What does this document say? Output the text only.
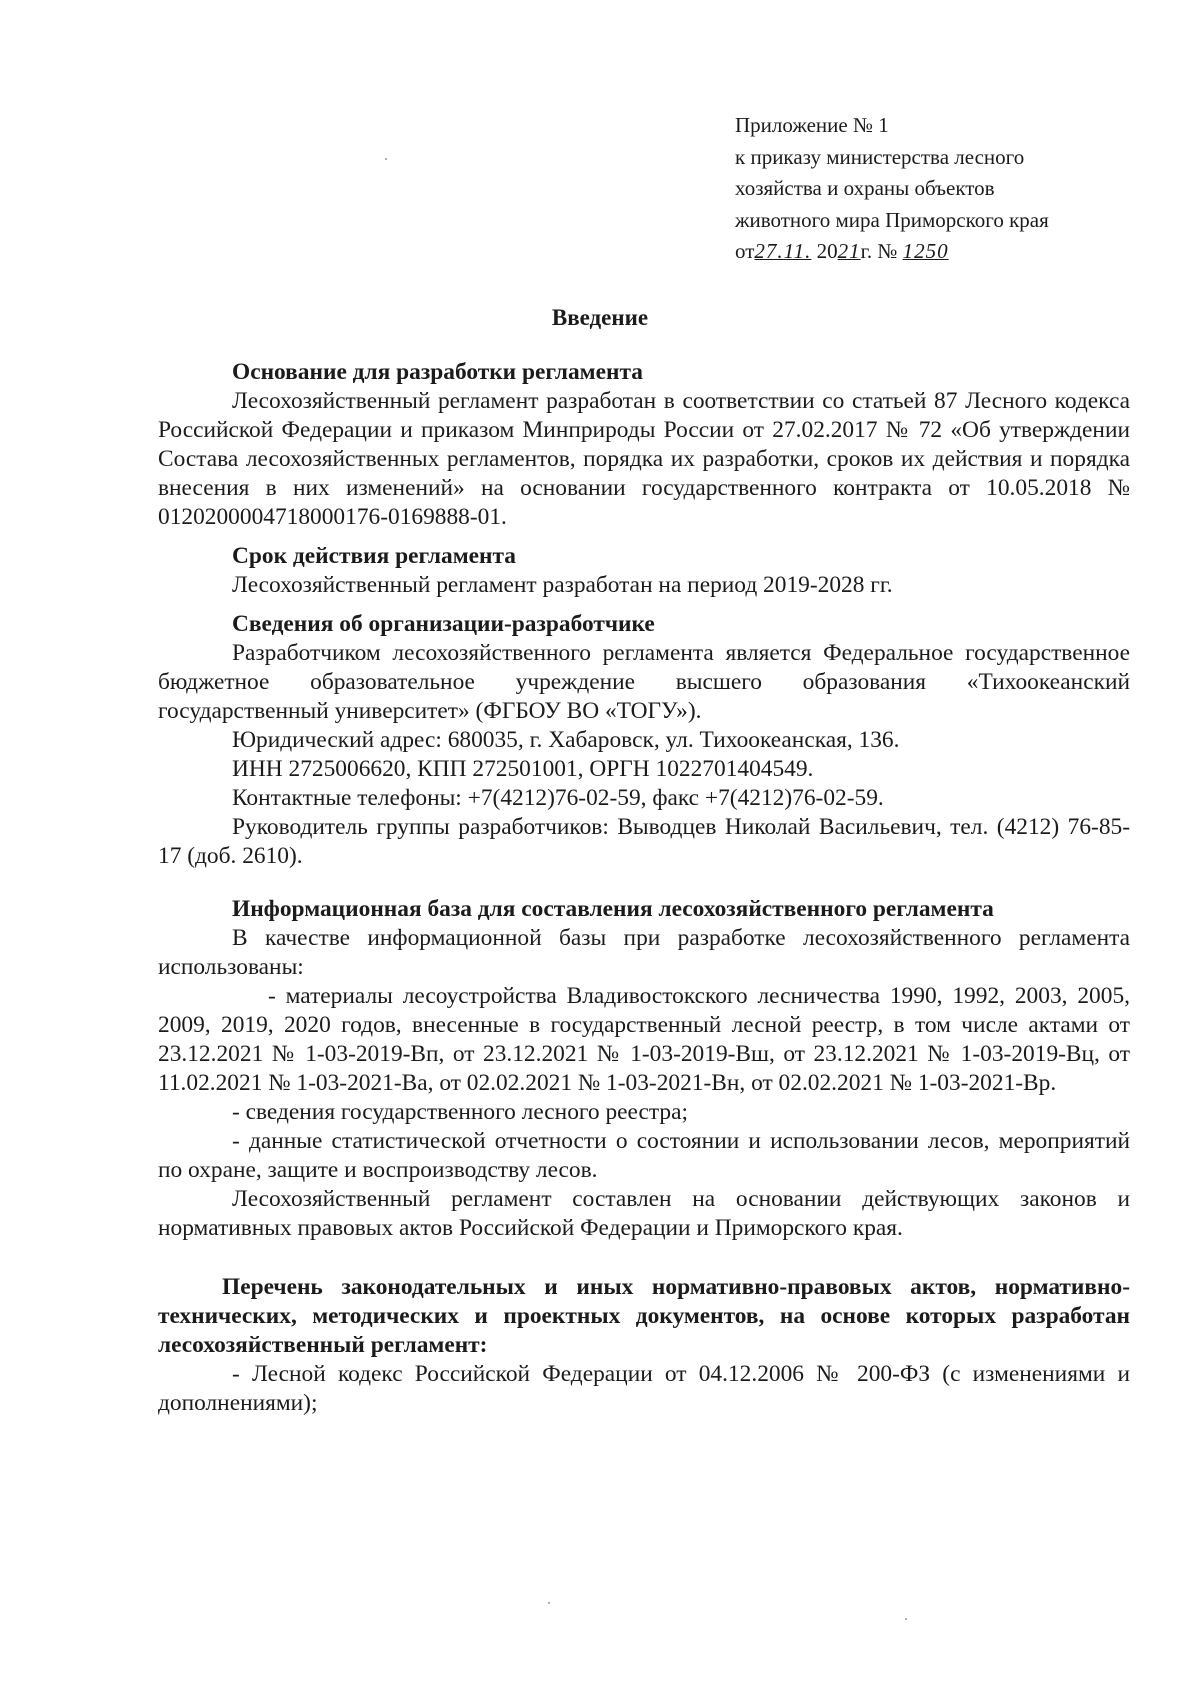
Приложение № 1
к приказу министерства лесного
хозяйства и охраны объектов
животного мира Приморского края
от27.11. 2021г. № 1250
Введение
Основание для разработки регламента

Лесохозяйственный регламент разработан в соответствии со статьей 87 Лесного кодекса Российской Федерации и приказом Минприроды России от 27.02.2017 № 72 «Об утверждении Состава лесохозяйственных регламентов, порядка их разработки, сроков их действия и порядка внесения в них изменений» на основании государственного контракта от 10.05.2018 № 0120200004718000176-0169888-01.

Срок действия регламента
Лесохозяйственный регламент разработан на период 2019-2028 гг.
Сведения об организации-разработчике

Разработчиком лесохозяйственного регламента является Федеральное государственное бюджетное образовательное учреждение высшего образования «Тихоокеанский государственный университет» (ФГБОУ ВО «ТОГУ»).

Юридический адрес: 680035, г. Хабаровск, ул. Тихоокеанская, 136.
ИНН 2725006620, КПП 272501001, ОРГН 1022701404549.
Контактные телефоны: +7(4212)76-02-59, факс +7(4212)76-02-59.

Руководитель группы разработчиков: Выводцев Николай Васильевич, тел. (4212) 76-85-17 (доб. 2610).

Информационная база для составления лесохозяйственного регламента

В качестве информационной базы при разработке лесохозяйственного регламента использованы:

- материалы лесоустройства Владивостокского лесничества 1990, 1992, 2003, 2005, 2009, 2019, 2020 годов, внесенные в государственный лесной реестр, в том числе актами от 23.12.2021 № 1-03-2019-Вп, от 23.12.2021 № 1-03-2019-Вш, от 23.12.2021 № 1-03-2019-Вц, от 11.02.2021 № 1-03-2021-Ва, от 02.02.2021 № 1-03-2021-Вн, от 02.02.2021 № 1-03-2021-Вр.

- сведения государственного лесного реестра;

- данные статистической отчетности о состоянии и использовании лесов, мероприятий по охране, защите и воспроизводству лесов.

Лесохозяйственный регламент составлен на основании действующих законов и нормативных правовых актов Российской Федерации и Приморского края.

Перечень законодательных и иных нормативно-правовых актов, нормативно-технических, методических и проектных документов, на основе которых разработан лесохозяйственный регламент:

- Лесной кодекс Российской Федерации от 04.12.2006 № 200-ФЗ (с изменениями и дополнениями);
